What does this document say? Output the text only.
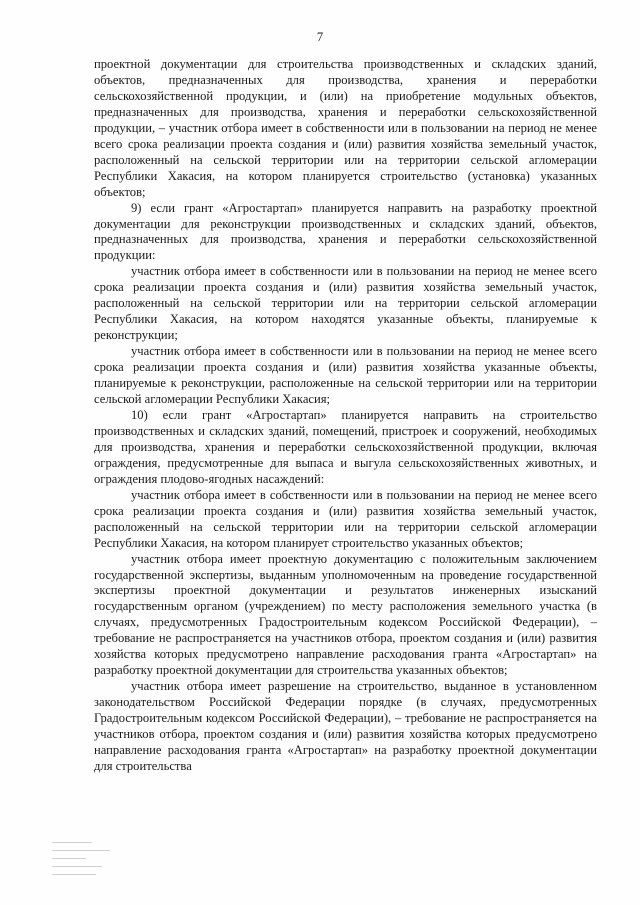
7

проектной документации для строительства производственных и складских зданий, объектов, предназначенных для производства, хранения и переработки сельскохозяйственной продукции, и (или) на приобретение модульных объектов, предназначенных для производства, хранения и переработки сельскохозяйственной продукции, – участник отбора имеет в собственности или в пользовании на период не менее всего срока реализации проекта создания и (или) развития хозяйства земельный участок, расположенный на сельской территории или на территории сельской агломерации Республики Хакасия, на котором планируется строительство (установка) указанных объектов;

9) если грант «Агростартап» планируется направить на разработку проектной документации для реконструкции производственных и складских зданий, объектов, предназначенных для производства, хранения и переработки сельскохозяйственной продукции:

участник отбора имеет в собственности или в пользовании на период не менее всего срока реализации проекта создания и (или) развития хозяйства земельный участок, расположенный на сельской территории или на территории сельской агломерации Республики Хакасия, на котором находятся указанные объекты, планируемые к реконструкции;

участник отбора имеет в собственности или в пользовании на период не менее всего срока реализации проекта создания и (или) развития хозяйства указанные объекты, планируемые к реконструкции, расположенные на сельской территории или на территории сельской агломерации Республики Хакасия;

10) если грант «Агростартап» планируется направить на строительство производственных и складских зданий, помещений, пристроек и сооружений, необходимых для производства, хранения и переработки сельскохозяйственной продукции, включая ограждения, предусмотренные для выпаса и выгула сельскохозяйственных животных, и ограждения плодово-ягодных насаждений:

участник отбора имеет в собственности или в пользовании на период не менее всего срока реализации проекта создания и (или) развития хозяйства земельный участок, расположенный на сельской территории или на территории сельской агломерации Республики Хакасия, на котором планирует строительство указанных объектов;

участник отбора имеет проектную документацию с положительным заключением государственной экспертизы, выданным уполномоченным на проведение государственной экспертизы проектной документации и результатов инженерных изысканий государственным органом (учреждением) по месту расположения земельного участка (в случаях, предусмотренных Градостроительным кодексом Российской Федерации), – требование не распространяется на участников отбора, проектом создания и (или) развития хозяйства которых предусмотрено направление расходования гранта «Агростартап» на разработку проектной документации для строительства указанных объектов;

участник отбора имеет разрешение на строительство, выданное в установленном законодательством Российской Федерации порядке (в случаях, предусмотренных Градостроительным кодексом Российской Федерации), – требование не распространяется на участников отбора, проектом создания и (или) развития хозяйства которых предусмотрено направление расходования гранта «Агростартап» на разработку проектной документации для строительства
